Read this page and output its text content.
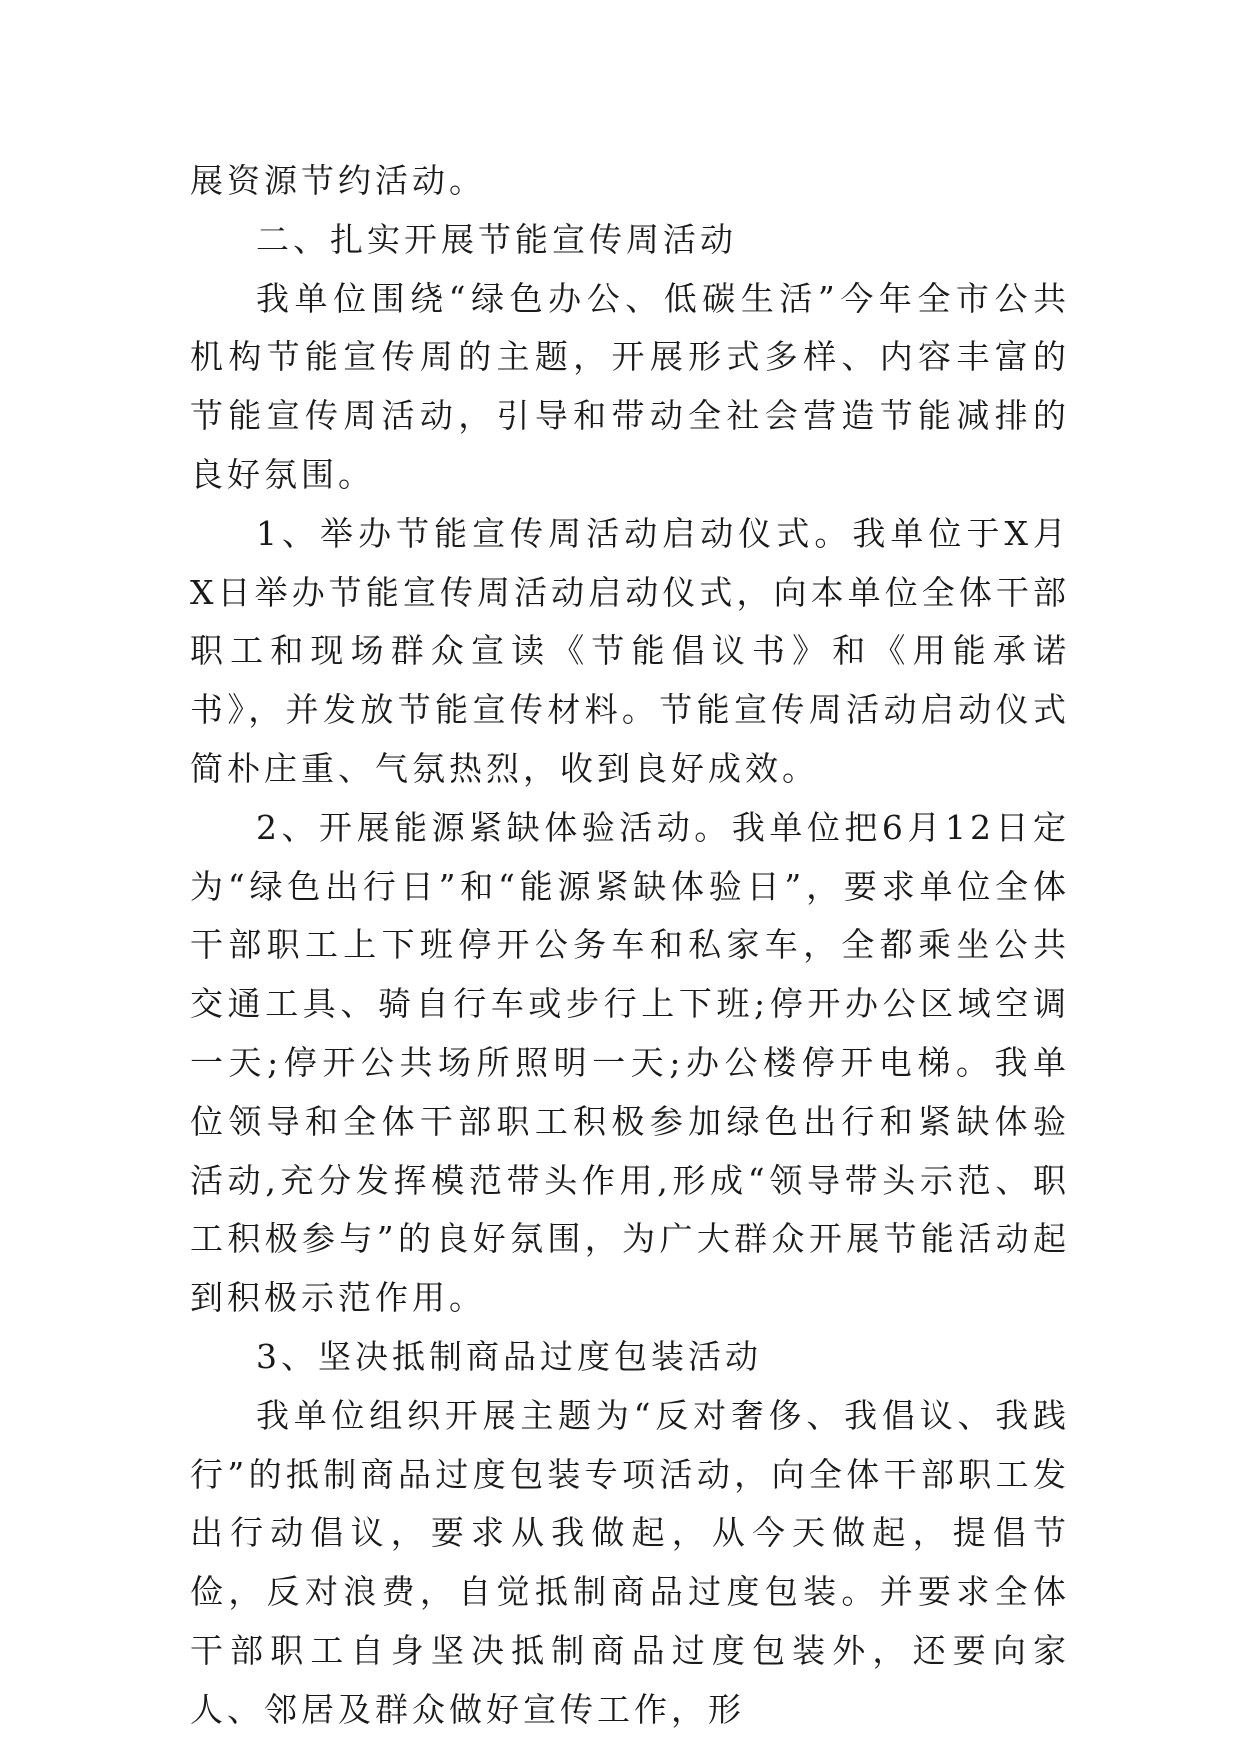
展资源节约活动。

二、扎实开展节能宣传周活动

我单位围绕“绿色办公、低碳生活”今年全市公共机构节能宣传周的主题，开展形式多样、内容丰富的节能宣传周活动，引导和带动全社会营造节能减排的良好氛围。

1、举办节能宣传周活动启动仪式。我单位于X月X日举办节能宣传周活动启动仪式，向本单位全体干部职工和现场群众宣读《节能倡议书》和《用能承诺书》，并发放节能宣传材料。节能宣传周活动启动仪式简朴庄重、气氛热烈，收到良好成效。

2、开展能源紧缺体验活动。我单位把6月12日定为“绿色出行日”和“能源紧缺体验日”，要求单位全体干部职工上下班停开公务车和私家车，全都乘坐公共交通工具、骑自行车或步行上下班;停开办公区域空调一天;停开公共场所照明一天;办公楼停开电梯。我单位领导和全体干部职工积极参加绿色出行和紧缺体验活动,充分发挥模范带头作用,形成“领导带头示范、职工积极参与”的良好氛围，为广大群众开展节能活动起到积极示范作用。

3、坚决抵制商品过度包装活动

我单位组织开展主题为“反对奢侈、我倡议、我践行”的抵制商品过度包装专项活动，向全体干部职工发出行动倡议，要求从我做起，从今天做起，提倡节俭，反对浪费，自觉抵制商品过度包装。并要求全体干部职工自身坚决抵制商品过度包装外，还要向家人、邻居及群众做好宣传工作，形
